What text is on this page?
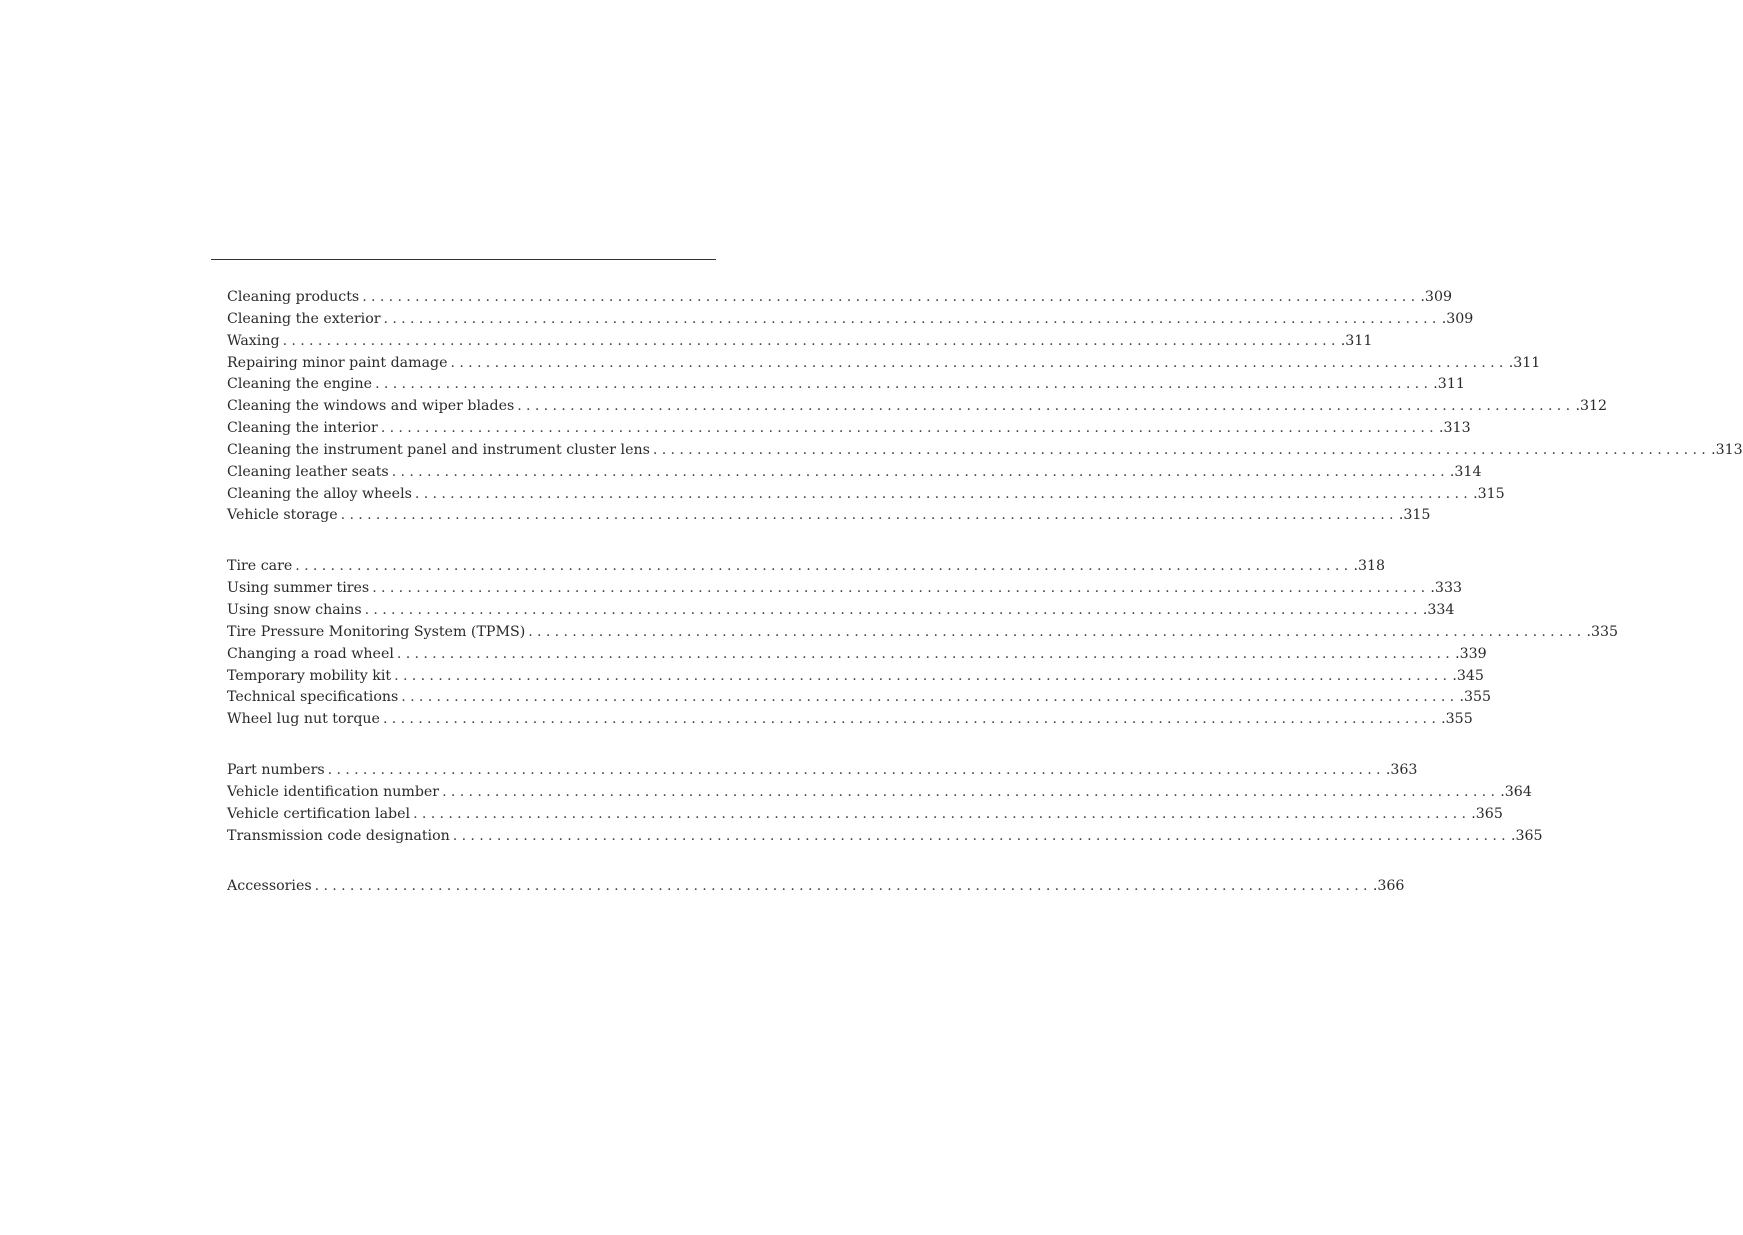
Cleaning products ........................................................................................................................ .309
Cleaning the exterior ........................................................................................................................ .309
Waxing ........................................................................................................................ .311
Repairing minor paint damage ........................................................................................................................ .311
Cleaning the engine ........................................................................................................................ .311
Cleaning the windows and wiper blades ........................................................................................................................ .312
Cleaning the interior ........................................................................................................................ .313
Cleaning the instrument panel and instrument cluster lens ........................................................................................................................ .313
Cleaning leather seats ........................................................................................................................ .314
Cleaning the alloy wheels ........................................................................................................................ .315
Vehicle storage ........................................................................................................................ .315
Tire care ........................................................................................................................ .318
Using summer tires ........................................................................................................................ .333
Using snow chains ........................................................................................................................ .334
Tire Pressure Monitoring System (TPMS) ........................................................................................................................ .335
Changing a road wheel ........................................................................................................................ .339
Temporary mobility kit ........................................................................................................................ .345
Technical specifications ........................................................................................................................ .355
Wheel lug nut torque ........................................................................................................................ .355
Part numbers ........................................................................................................................ .363
Vehicle identification number ........................................................................................................................ .364
Vehicle certification label ........................................................................................................................ .365
Transmission code designation ........................................................................................................................ .365
Accessories ........................................................................................................................ .366
